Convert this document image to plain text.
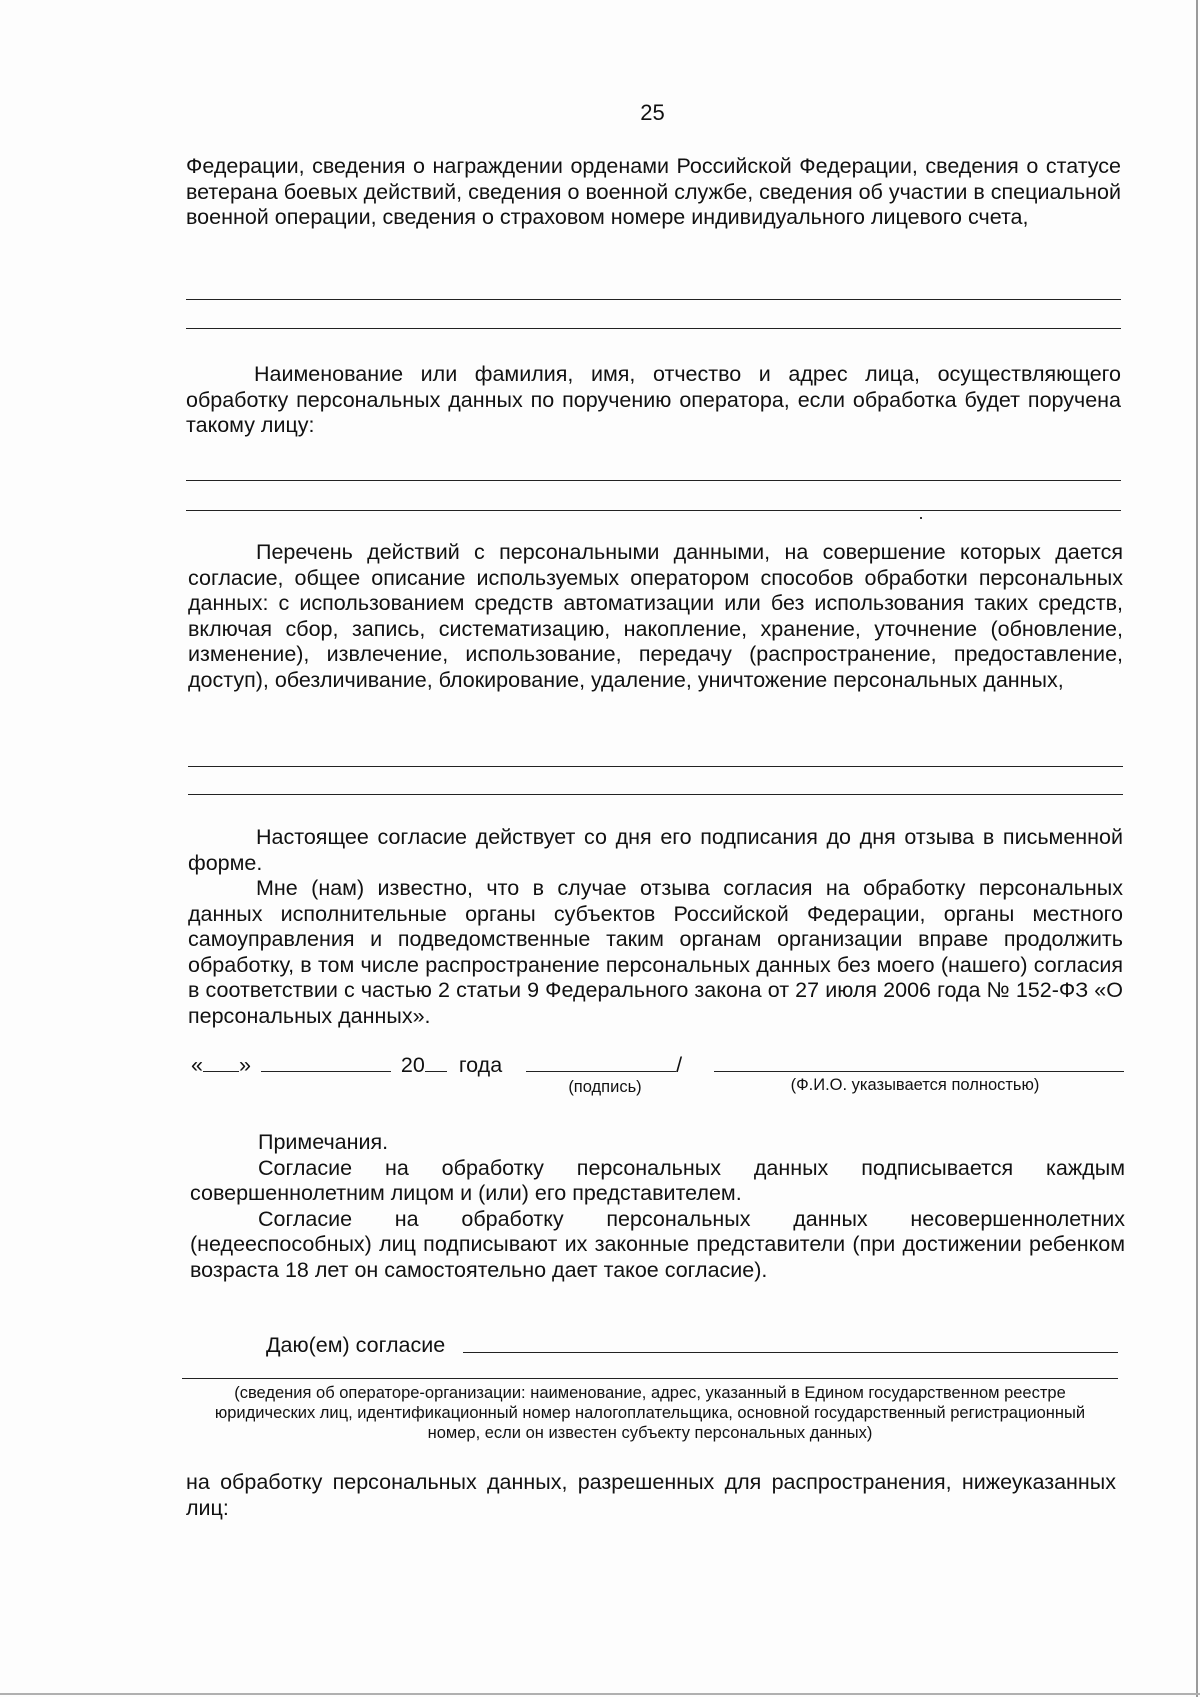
25

Федерации, сведения о награждении орденами Российской Федерации, сведения о статусе ветерана боевых действий, сведения о военной службе, сведения об участии в специальной военной операции, сведения о страховом номере индивидуального лицевого счета,

Наименование или фамилия, имя, отчество и адрес лица, осуществляющего обработку персональных данных по поручению оператора, если обработка будет поручена такому лицу:

Перечень действий с персональными данными, на совершение которых дается согласие, общее описание используемых оператором способов обработки персональных данных: с использованием средств автоматизации или без использования таких средств, включая сбор, запись, систематизацию, накопление, хранение, уточнение (обновление, изменение), извлечение, использование, передачу (распространение, предоставление, доступ), обезличивание, блокирование, удаление, уничтожение персональных данных,

Настоящее согласие действует со дня его подписания до дня отзыва в письменной форме.

Мне (нам) известно, что в случае отзыва согласия на обработку персональных данных исполнительные органы субъектов Российской Федерации, органы местного самоуправления и подведомственные таким органам организации вправе продолжить обработку, в том числе распространение персональных данных без моего (нашего) согласия в соответствии с частью 2 статьи 9 Федерального закона от 27 июля 2006 года № 152-ФЗ «О персональных данных».

« »	20 года	/
(подпись)	(Ф.И.О. указывается полностью)

Примечания.

Согласие на обработку персональных данных подписывается каждым совершеннолетним лицом и (или) его представителем.

Согласие на обработку персональных данных несовершеннолетних (недееспособных) лиц подписывают их законные представители (при достижении ребенком возраста 18 лет он самостоятельно дает такое согласие).

Даю(ем) согласие
(сведения об операторе-организации: наименование, адрес, указанный в Едином государственном реестре юридических лиц, идентификационный номер налогоплательщика, основной государственный регистрационный номер, если он известен субъекту персональных данных)

на обработку персональных данных, разрешенных для распространения, нижеуказанных лиц:
